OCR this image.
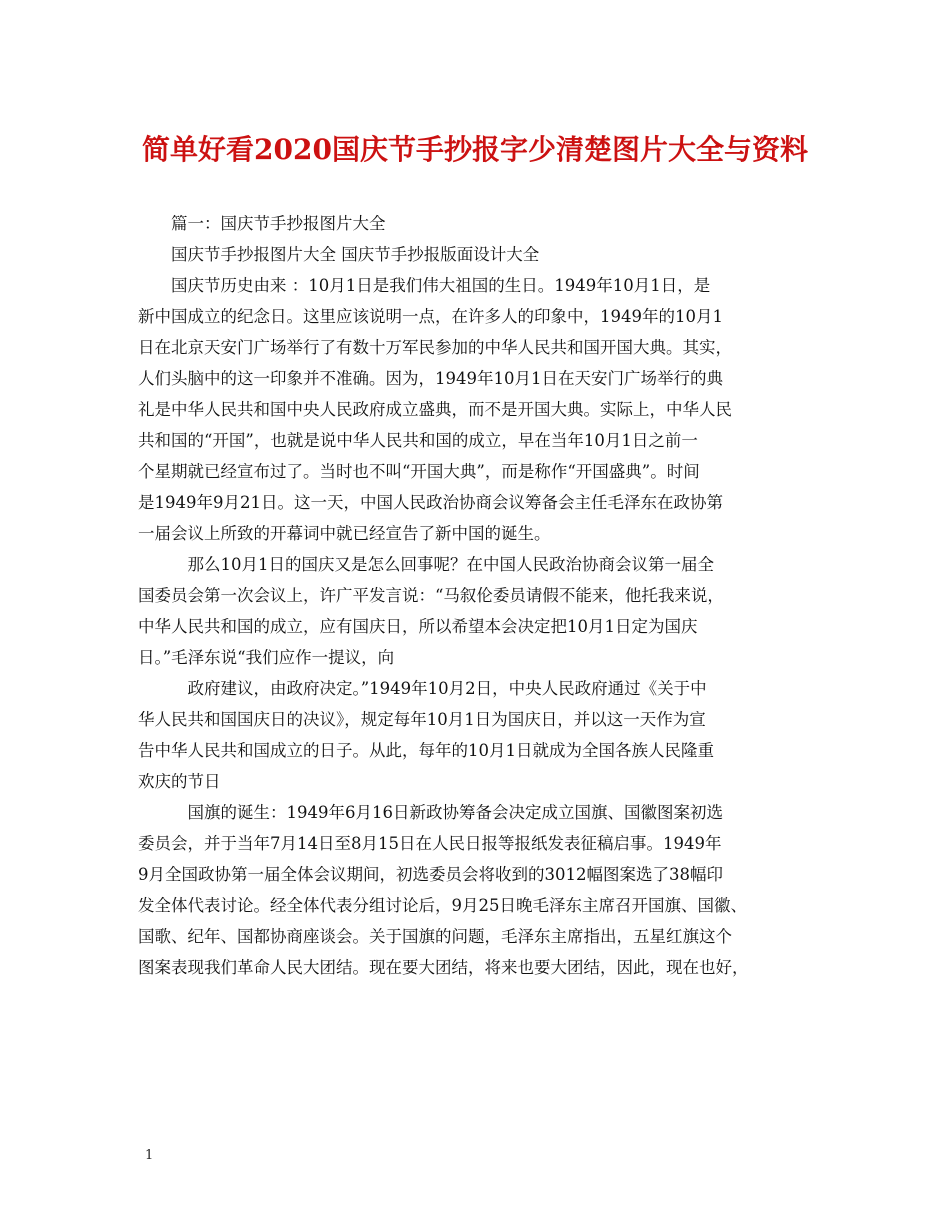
简单好看2020国庆节手抄报字少清楚图片大全与资料
　　篇一：国庆节手抄报图片大全
　　国庆节手抄报图片大全 国庆节手抄报版面设计大全
　　国庆节历史由来 ：10月1日是我们伟大祖国的生日。1949年10月1日，是
新中国成立的纪念日。这里应该说明一点，在许多人的印象中，1949年的10月1
日在北京天安门广场举行了有数十万军民参加的中华人民共和国开国大典。其实，
人们头脑中的这一印象并不准确。因为，1949年10月1日在天安门广场举行的典
礼是中华人民共和国中央人民政府成立盛典，而不是开国大典。实际上，中华人民
共和国的“开国”，也就是说中华人民共和国的成立，早在当年10月1日之前一
个星期就已经宣布过了。当时也不叫“开国大典”，而是称作“开国盛典”。时间
是1949年9月21日。这一天，中国人民政治协商会议筹备会主任毛泽东在政协第
一届会议上所致的开幕词中就已经宣告了新中国的诞生。
　　　那么10月1日的国庆又是怎么回事呢？在中国人民政治协商会议第一届全
国委员会第一次会议上，许广平发言说：“马叙伦委员请假不能来，他托我来说，
中华人民共和国的成立，应有国庆日，所以希望本会决定把10月1日定为国庆
日。”毛泽东说“我们应作一提议，向
　　　政府建议，由政府决定。”1949年10月2日，中央人民政府通过《关于中
华人民共和国国庆日的决议》，规定每年10月1日为国庆日，并以这一天作为宣
告中华人民共和国成立的日子。从此，每年的10月1日就成为全国各族人民隆重
欢庆的节日
　　　国旗的诞生：1949年6月16日新政协筹备会决定成立国旗、国徽图案初选
委员会，并于当年7月14日至8月15日在人民日报等报纸发表征稿启事。1949年
9月全国政协第一届全体会议期间，初选委员会将收到的3012幅图案选了38幅印
发全体代表讨论。经全体代表分组讨论后，9月25日晚毛泽东主席召开国旗、国徽、
国歌、纪年、国都协商座谈会。关于国旗的问题，毛泽东主席指出，五星红旗这个
图案表现我们革命人民大团结。现在要大团结，将来也要大团结，因此，现在也好，
1
